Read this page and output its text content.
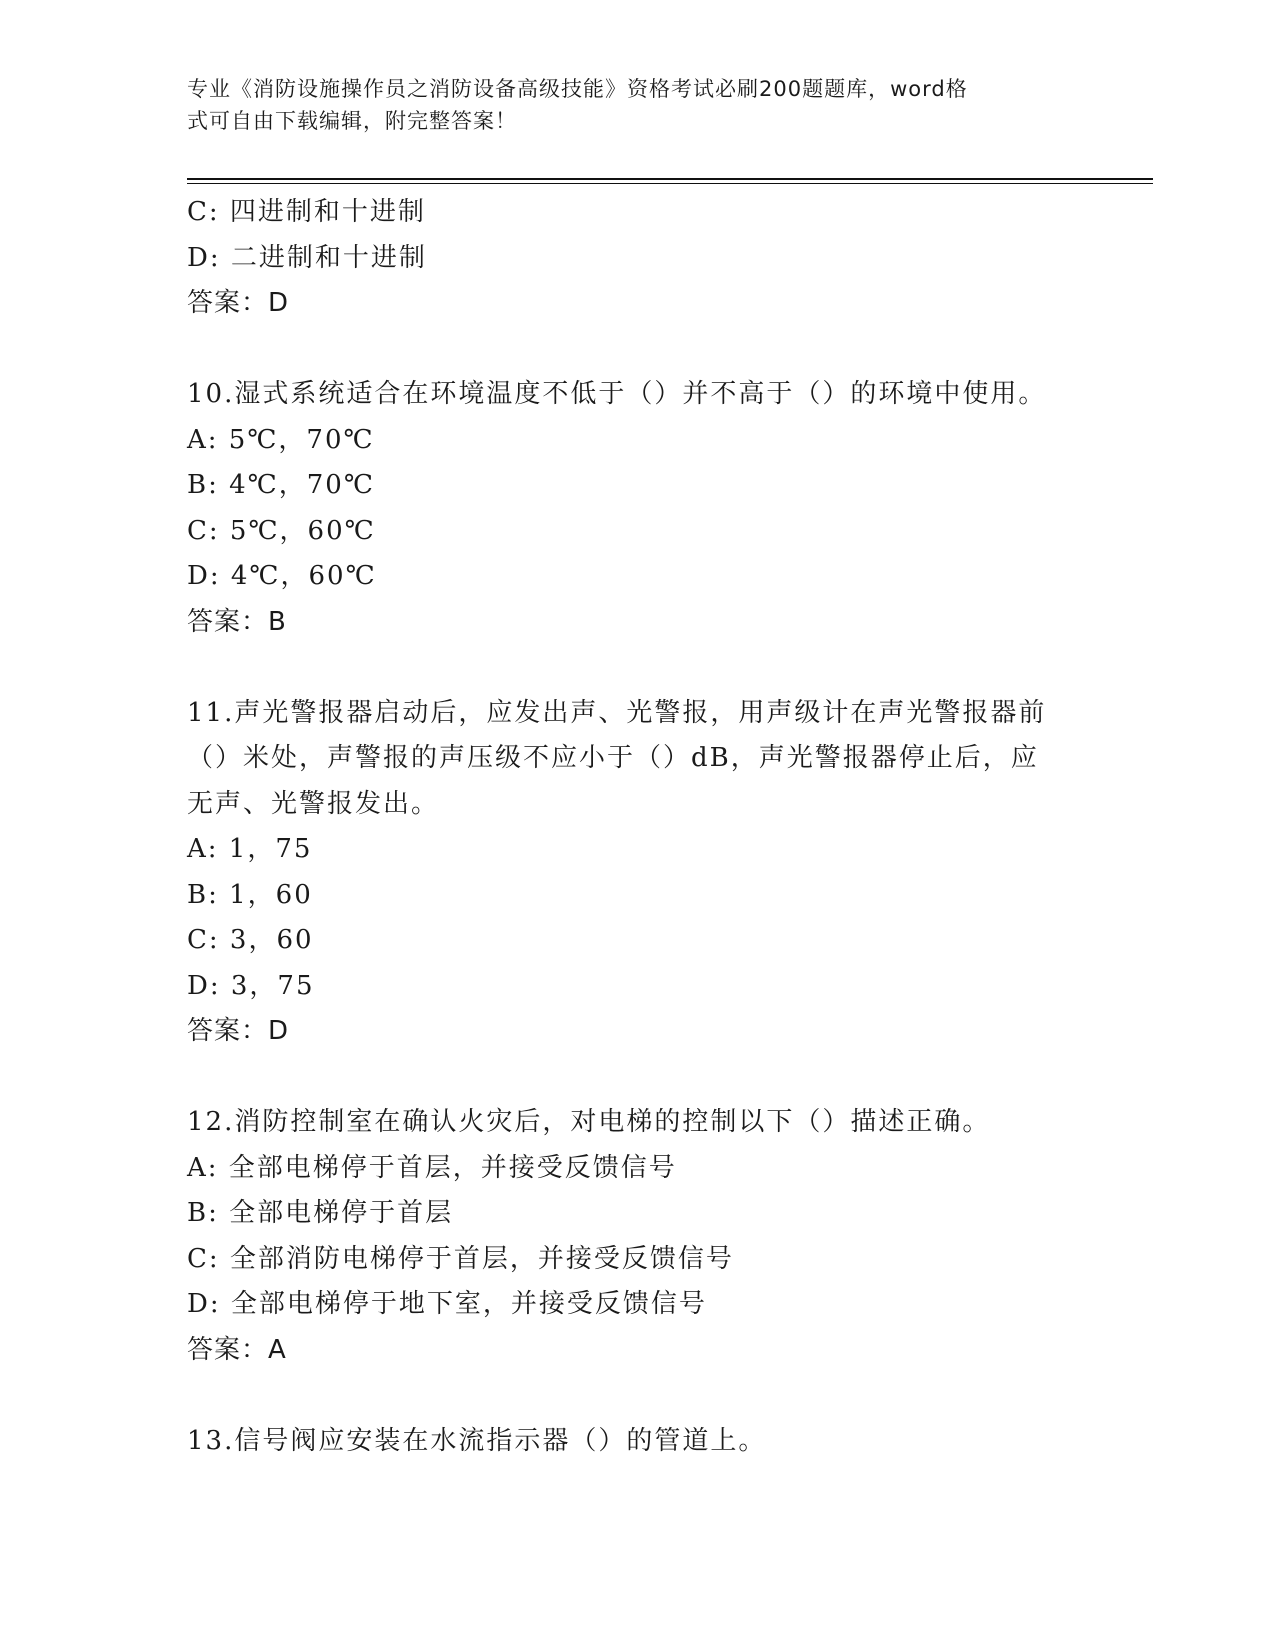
专业《消防设施操作员之消防设备高级技能》资格考试必刷200题题库，word格
式可自由下载编辑，附完整答案！
C: 四进制和十进制
D: 二进制和十进制
答案：D
10.湿式系统适合在环境温度不低于（）并不高于（）的环境中使用。
A: 5℃，70℃
B: 4℃，70℃
C: 5℃，60℃
D: 4℃，60℃
答案：B
11.声光警报器启动后，应发出声、光警报，用声级计在声光警报器前
（）米处，声警报的声压级不应小于（）dB，声光警报器停止后，应
无声、光警报发出。
A: 1，75
B: 1，60
C: 3，60
D: 3，75
答案：D
12.消防控制室在确认火灾后，对电梯的控制以下（）描述正确。
A: 全部电梯停于首层，并接受反馈信号
B: 全部电梯停于首层
C: 全部消防电梯停于首层，并接受反馈信号
D: 全部电梯停于地下室，并接受反馈信号
答案：A
13.信号阀应安装在水流指示器（）的管道上。
